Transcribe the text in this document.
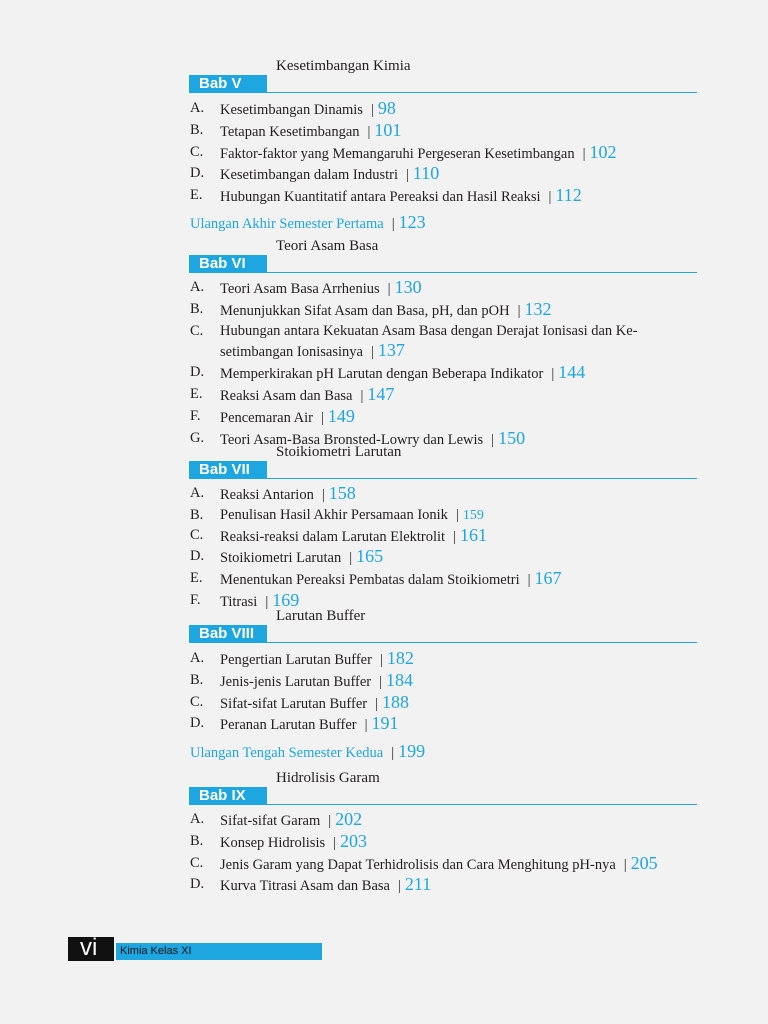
Kesetimbangan Kimia
Bab V
A. Kesetimbangan Dinamis | 98
B. Tetapan Kesetimbangan | 101
C. Faktor-faktor yang Memangaruhi Pergeseran Kesetimbangan | 102
D. Kesetimbangan dalam Industri | 110
E. Hubungan Kuantitatif antara Pereaksi dan Hasil Reaksi | 112
Ulangan Akhir Semester Pertama | 123
Teori Asam Basa
Bab VI
A. Teori Asam Basa Arrhenius | 130
B. Menunjukkan Sifat Asam dan Basa, pH, dan pOH | 132
C. Hubungan antara Kekuatan Asam Basa dengan Derajat Ionisasi dan Ke-
setimbangan Ionisasinya | 137
D. Memperkirakan pH Larutan dengan Beberapa Indikator | 144
E. Reaksi Asam dan Basa | 147
F. Pencemaran Air | 149
G. Teori Asam-Basa Bronsted-Lowry dan Lewis | 150
Stoikiometri Larutan
Bab VII
A. Reaksi Antarion | 158
B. Penulisan Hasil Akhir Persamaan Ionik | 159
C. Reaksi-reaksi dalam Larutan Elektrolit | 161
D. Stoikiometri Larutan | 165
E. Menentukan Pereaksi Pembatas dalam Stoikiometri | 167
F. Titrasi | 169
Larutan Buffer
Bab VIII
A. Pengertian Larutan Buffer | 182
B. Jenis-jenis Larutan Buffer | 184
C. Sifat-sifat Larutan Buffer | 188
D. Peranan Larutan Buffer | 191
Ulangan Tengah Semester Kedua | 199
Hidrolisis Garam
Bab IX
A. Sifat-sifat Garam | 202
B. Konsep Hidrolisis | 203
C. Jenis Garam yang Dapat Terhidrolisis dan Cara Menghitung pH-nya | 205
D. Kurva Titrasi Asam dan Basa | 211
vi	Kimia Kelas XI
